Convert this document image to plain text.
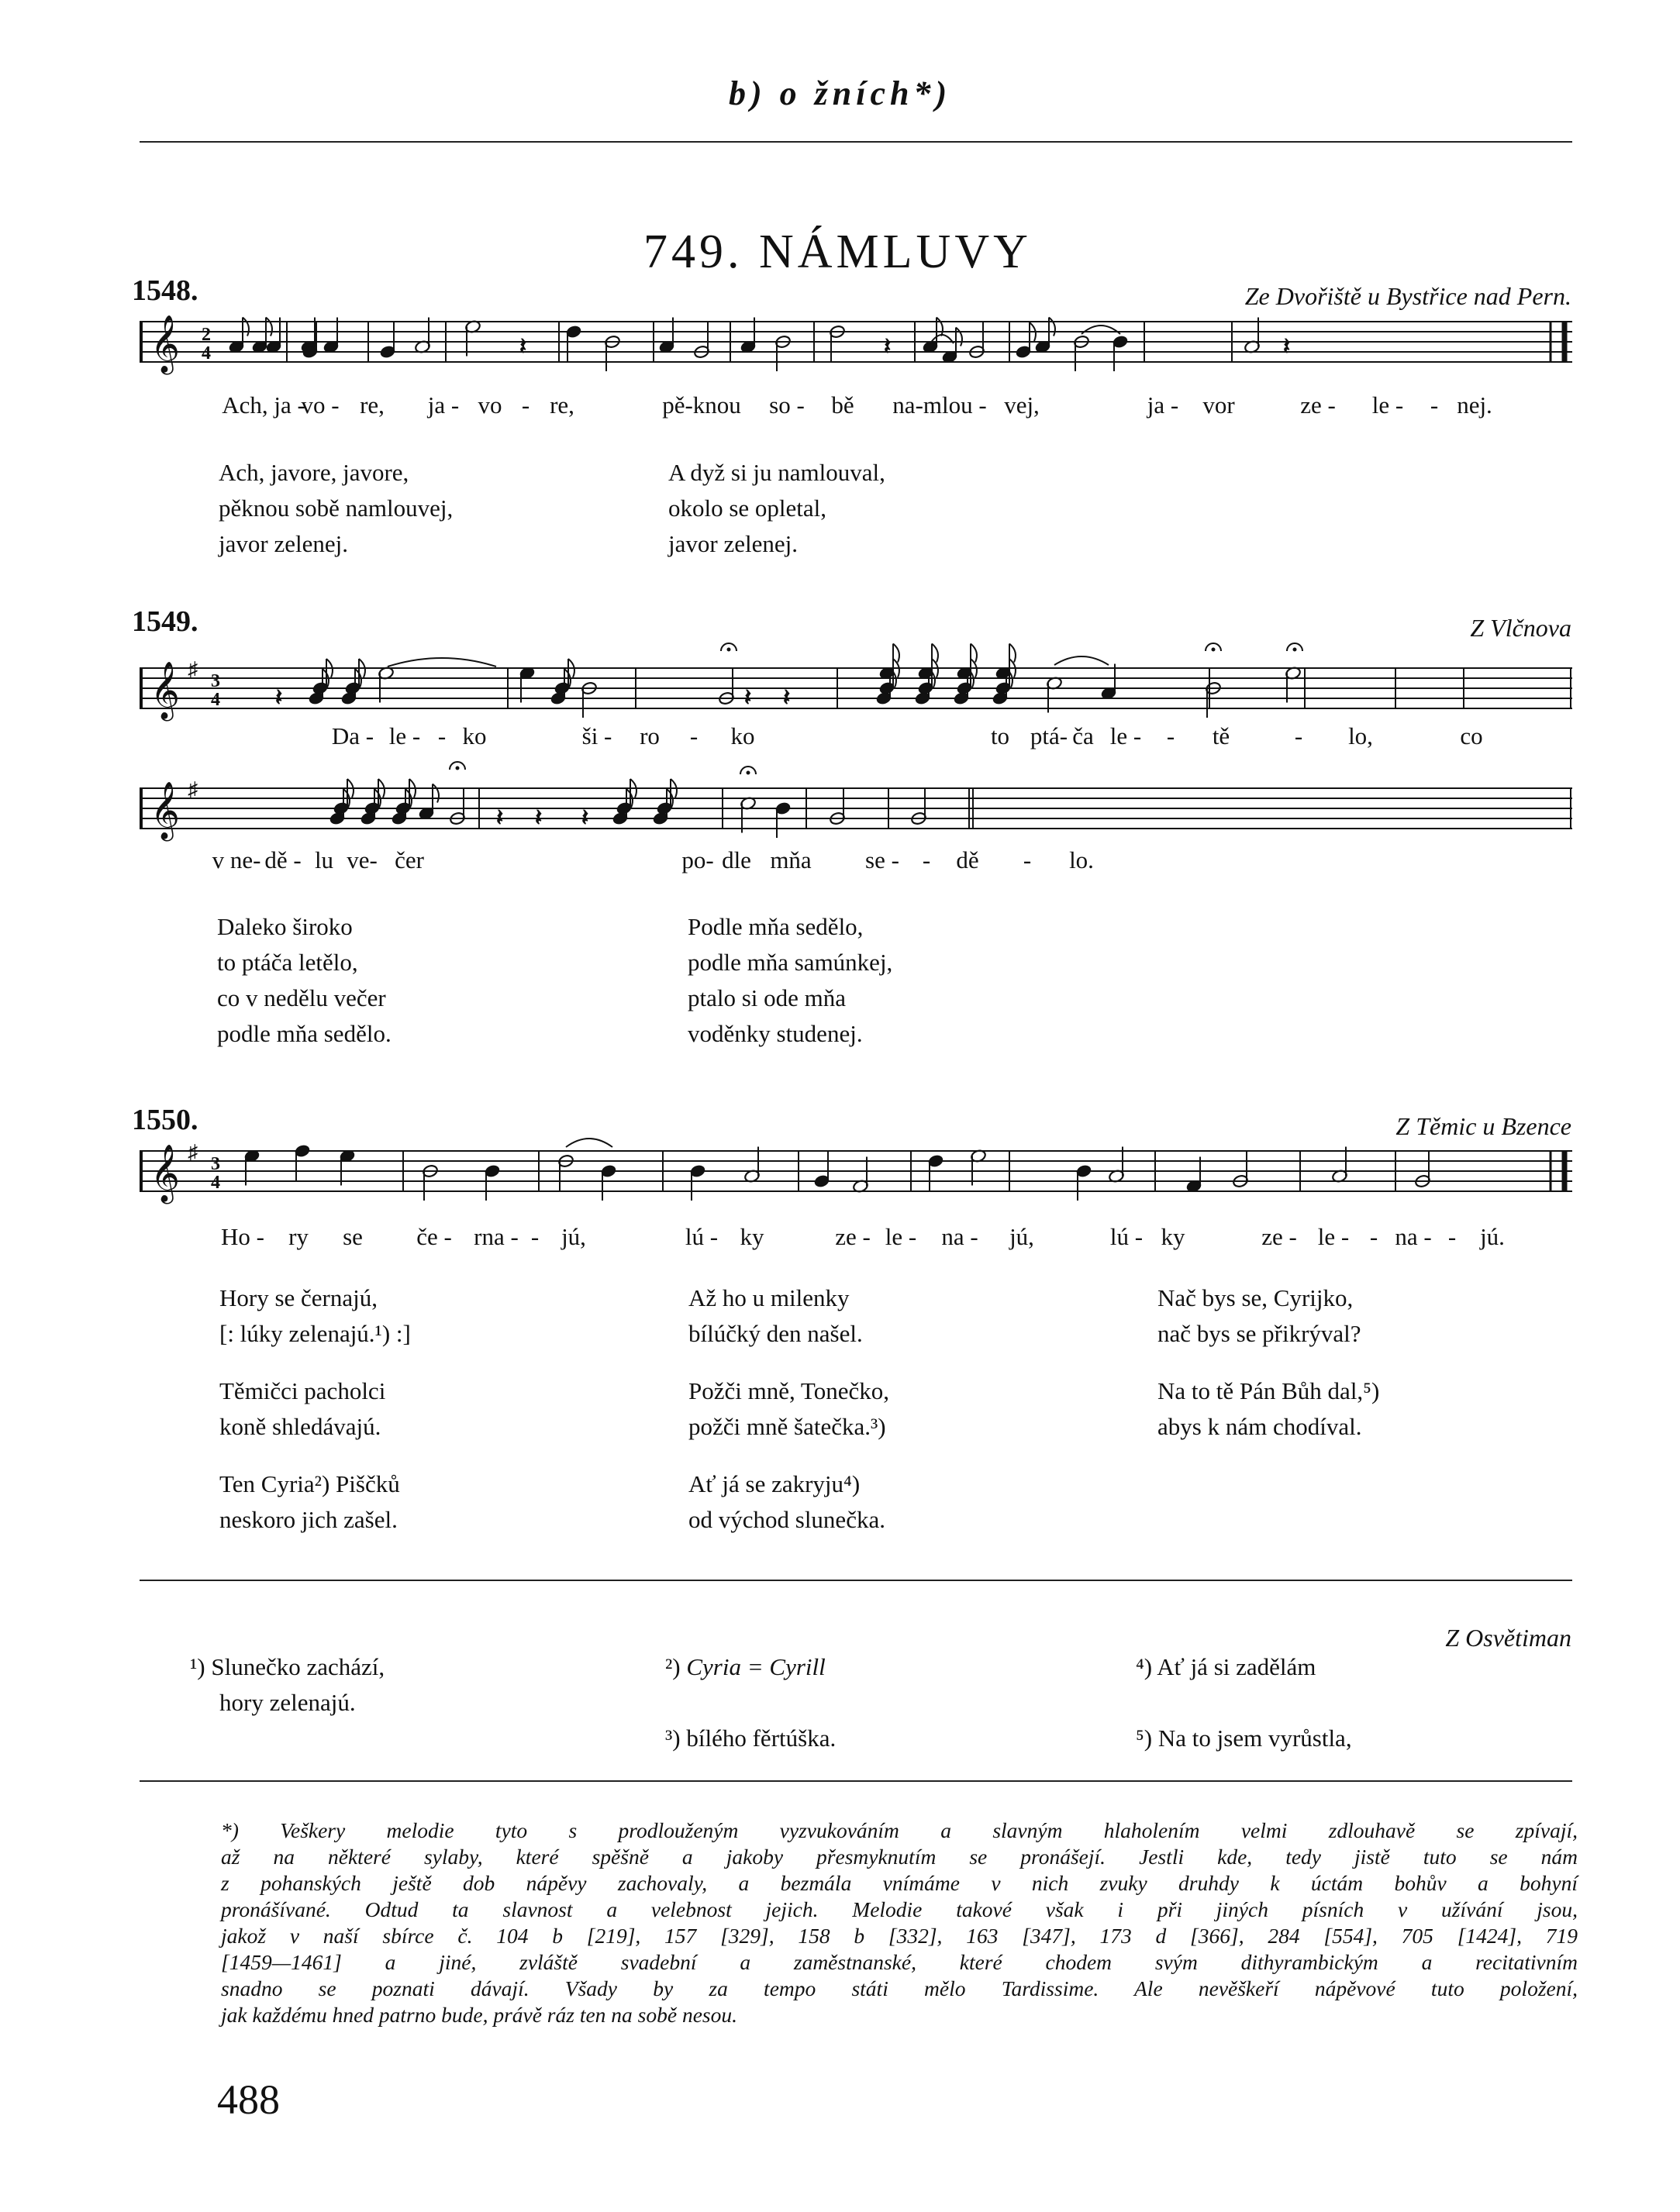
b) o žních*)
749. NÁMLUVY
1548.	Ze Dvořiště u Bystřice nad Pern.
𝄞 2
4	𝄽	𝄽	𝄽
Ach, ja -
vo - re, ja - vo - re,	pě-knou so - bě na-mlou - vej,	ja - vor	ze - le - - nej.
Ach, javore, javore,
pěknou sobě namlouvej,
javor zelenej.
A dyž si ju namlouval,
okolo se opletal,
javor zelenej.
1549.	Z Vlčnova
𝄞 ♯
3
4 𝄽	𝄽 𝄽
Da - le - - ko	ši - ro - ko	to ptá- ča le - - tě	- lo,	co
𝄞 ♯
𝄽 𝄽 𝄽
v ne- dě - lu ve- čer	po- dle mňa se - - dě - lo.
Daleko široko
to ptáča letělo,
co v nedělu večer
podle mňa sedělo.
Podle mňa sedělo,
podle mňa samúnkej,
ptalo si ode mňa
voděnky studenej.
1550.	Z Těmic u Bzence
𝄞 ♯
3
4
Ho - ry se če - rna - - jú,	lú - ky	ze - le - na - jú,	lú - ky	ze - le - - na - - jú.
Hory se černajú,
[: lúky zelenajú.¹) :]
Těmičci pacholci
koně shledávajú.
Ten Cyria²) Piščků
neskoro jich zašel.
Až ho u milenky
bílúčký den našel.
Požči mně, Tonečko,
požči mně šatečka.³)
Ať já se zakryju⁴)
od východ slunečka.
Nač bys se, Cyrijko,
nač bys se přikrýval?
Na to tě Pán Bůh dal,⁵)
abys k nám chodíval.
Z Osvětiman
¹) Slunečko zachází,
hory zelenajú.
²) Cyria = Cyrill
³) bílého fěrtúška.
⁴) Ať já si zadělám
⁵) Na to jsem vyrůstla,
*) Veškery melodie tyto s prodlouženým vyzvukováním a slavným hlaholením velmi zdlouhavě se zpívají,
až na některé sylaby, které spěšně a jakoby přesmyknutím se pronášejí. Jestli kde, tedy jistě tuto se nám
z pohanských ještě dob nápěvy zachovaly, a bezmála vnímáme v nich zvuky druhdy k úctám bohův a bohyní
pronášívané. Odtud ta slavnost a velebnost jejich. Melodie takové však i při jiných písních v užívání jsou,
jakož v naší sbírce č. 104 b [219], 157 [329], 158 b [332], 163 [347], 173 d [366], 284 [554], 705 [1424], 719
[1459—1461] a jiné, zvláště svadební a zaměstnanské, které chodem svým dithyrambickým a recitativním
snadno se poznati dávají. Všady by za tempo státi mělo Tardissime. Ale nevěškeří nápěvové tuto položení,
jak každému hned patrno bude, právě ráz ten na sobě nesou.
488
